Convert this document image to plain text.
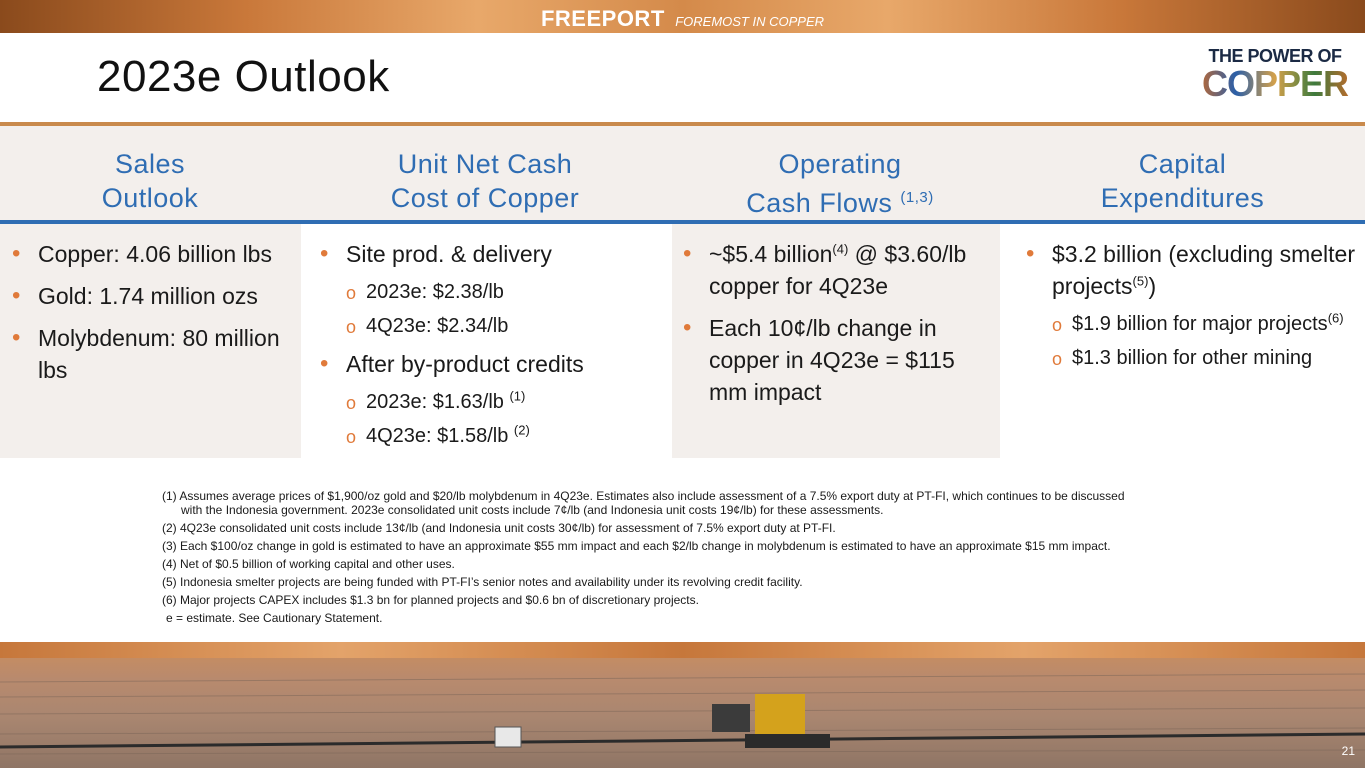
FREEPORT FOREMOST IN COPPER
2023e Outlook	THE POWER OF
COPPER
Sales
Outlook
Unit Net Cash
Cost of Copper
Operating
Cash Flows $^{(1,3)}$
Capital
Expenditures
• Copper: 4.06 billion lbs
• Gold: 1.74 million ozs
• Molybdenum: 80 million lbs
• Site prod. & delivery
o 2023e: $2.38/lb
o 4Q23e: $2.34/lb
• After by-product credits
o 2023e: $1.63/lb $^{(1)}$
o 4Q23e: $1.58/lb $^{(2)}$
• ~$5.4 billion$^{(4)}$ @ $3.60/lb copper for 4Q23e
• Each 10¢/lb change in copper in 4Q23e = $115 mm impact
• $3.2 billion (excluding smelter projects$^{(5)}$)
o $1.9 billion for major projects$^{(6)}$
o $1.3 billion for other mining
(1) Assumes average prices of $1,900/oz gold and $20/lb molybdenum in 4Q23e. Estimates also include assessment of a 7.5% export duty at PT-FI, which continues to be discussed
with the Indonesia government. 2023e consolidated unit costs include 7¢/lb (and Indonesia unit costs 19¢/lb) for these assessments.
(2) 4Q23e consolidated unit costs include 13¢/lb (and Indonesia unit costs 30¢/lb) for assessment of 7.5% export duty at PT-FI.
(3) Each $100/oz change in gold is estimated to have an approximate $55 mm impact and each $2/lb change in molybdenum is estimated to have an approximate $15 mm impact.
(4) Net of $0.5 billion of working capital and other uses.
(5) Indonesia smelter projects are being funded with PT-FI’s senior notes and availability under its revolving credit facility.
(6) Major projects CAPEX includes $1.3 bn for planned projects and $0.6 bn of discretionary projects.
e = estimate. See Cautionary Statement.
21
